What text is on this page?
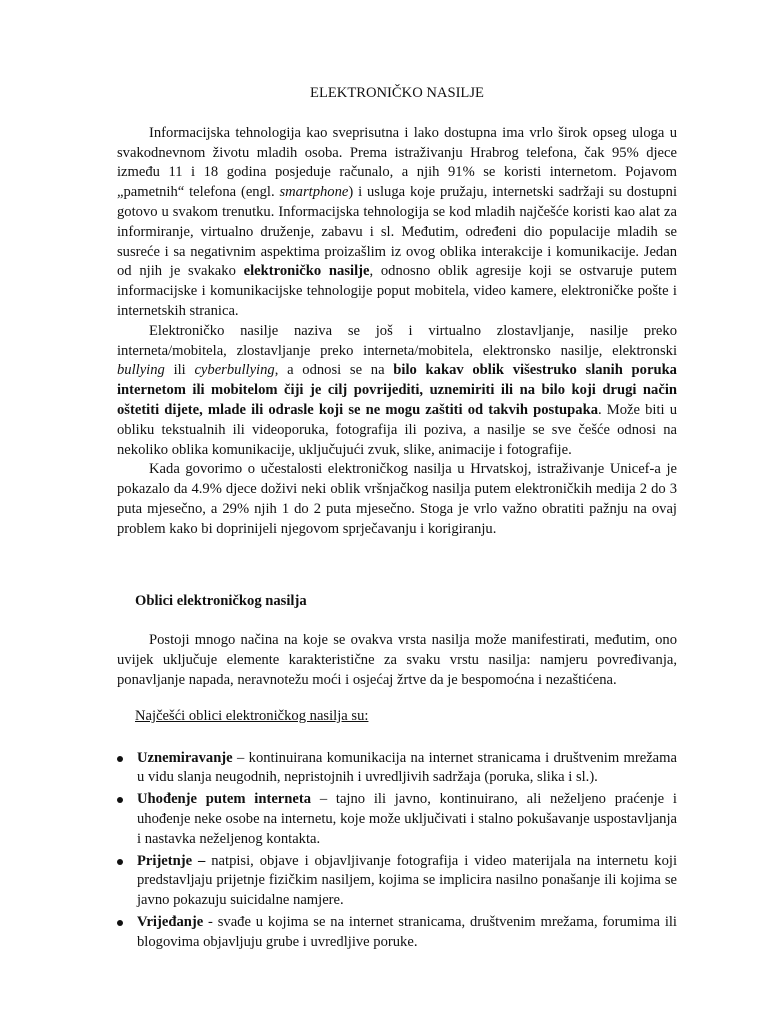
ELEKTRONIČKO NASILJE

Informacijska tehnologija kao sveprisutna i lako dostupna ima vrlo širok opseg uloga u svakodnevnom životu mladih osoba. Prema istraživanju Hrabrog telefona, čak 95% djece između 11 i 18 godina posjeduje računalo, a njih 91% se koristi internetom. Pojavom „pametnih“ telefona (engl. smartphone) i usluga koje pružaju, internetski sadržaji su dostupni gotovo u svakom trenutku. Informacijska tehnologija se kod mladih najčešće koristi kao alat za informiranje, virtualno druženje, zabavu i sl. Međutim, određeni dio populacije mladih se susreće i sa negativnim aspektima proizašlim iz ovog oblika interakcije i komunikacije. Jedan od njih je svakako elektroničko nasilje, odnosno oblik agresije koji se ostvaruje putem informacijske i komunikacijske tehnologije poput mobitela, video kamere, elektroničke pošte i internetskih stranica.

Elektroničko nasilje naziva se još i virtualno zlostavljanje, nasilje preko interneta/mobitela, zlostavljanje preko interneta/mobitela, elektronsko nasilje, elektronski bullying ili cyberbullying, a odnosi se na bilo kakav oblik višestruko slanih poruka internetom ili mobitelom čiji je cilj povrijediti, uznemiriti ili na bilo koji drugi način oštetiti dijete, mlade ili odrasle koji se ne mogu zaštiti od takvih postupaka. Može biti u obliku tekstualnih ili videoporuka, fotografija ili poziva, a nasilje se sve češće odnosi na nekoliko oblika komunikacije, uključujući zvuk, slike, animacije i fotografije.

Kada govorimo o učestalosti elektroničkog nasilja u Hrvatskoj, istraživanje Unicef-a je pokazalo da 4.9% djece doživi neki oblik vršnjačkog nasilja putem elektroničkih medija 2 do 3 puta mjesečno, a 29% njih 1 do 2 puta mjesečno. Stoga je vrlo važno obratiti pažnju na ovaj problem kako bi doprinijeli njegovom sprječavanju i korigiranju.

Oblici elektroničkog nasilja

Postoji mnogo načina na koje se ovakva vrsta nasilja može manifestirati, međutim, ono uvijek uključuje elemente karakteristične za svaku vrstu nasilja: namjeru povređivanja, ponavljanje napada, neravnotežu moći i osjećaj žrtve da je bespomoćna i nezaštićena.

Najčešći oblici elektroničkog nasilja su:
Uznemiravanje – kontinuirana komunikacija na internet stranicama i društvenim mrežama u vidu slanja neugodnih, nepristojnih i uvredljivih sadržaja (poruka, slika i sl.).
Uhođenje putem interneta – tajno ili javno, kontinuirano, ali neželjeno praćenje i uhođenje neke osobe na internetu, koje može uključivati i stalno pokušavanje uspostavljanja i nastavka neželjenog kontakta.
Prijetnje – natpisi, objave i objavljivanje fotografija i video materijala na internetu koji predstavljaju prijetnje fizičkim nasiljem, kojima se implicira nasilno ponašanje ili kojima se javno pokazuju suicidalne namjere.
Vrijeđanje - svađe u kojima se na internet stranicama, društvenim mrežama, forumima ili blogovima objavljuju grube i uvredljive poruke.
